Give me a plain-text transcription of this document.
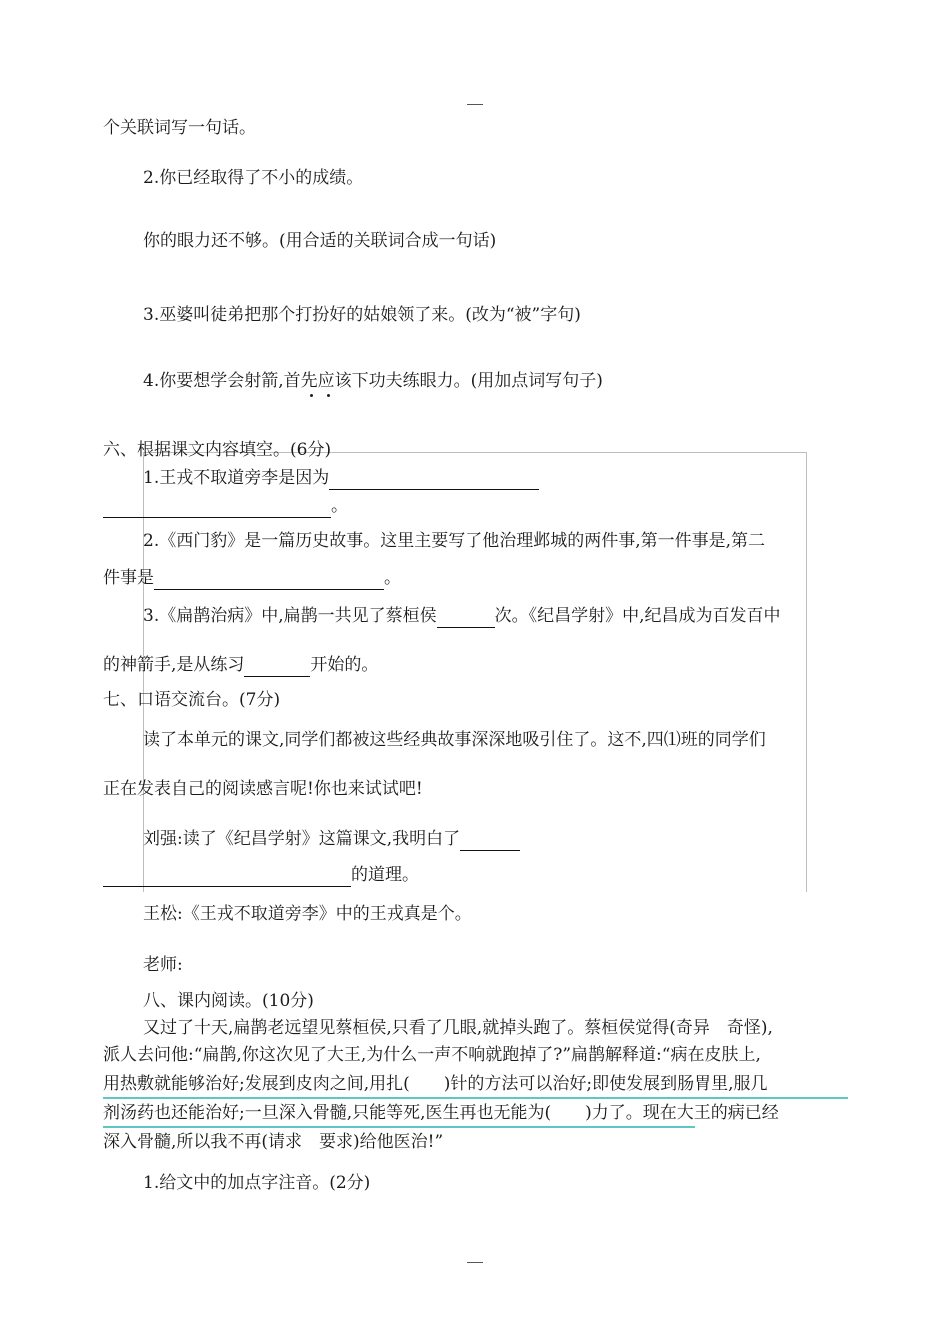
个关联词写一句话。
2.你已经取得了不小的成绩。
你的眼力还不够。(用合适的关联词合成一句话)
3.巫婆叫徒弟把那个打扮好的姑娘领了来。(改为“被”字句)
4.你要想学会射箭,首先应该下功夫练眼力。(用加点词写句子)
六、根据课文内容填空。(6分)
1.王戎不取道旁李是因为
。
2.《西门豹》是一篇历史故事。这里主要写了他治理邺城的两件事,第一件事是,第二
件事是	。
3.《扁鹊治病》中,扁鹊一共见了蔡桓侯	次。《纪昌学射》中,纪昌成为百发百中
的神箭手,是从练习	开始的。
七、口语交流台。(7分)
读了本单元的课文,同学们都被这些经典故事深深地吸引住了。这不,四⑴班的同学们
正在发表自己的阅读感言呢!你也来试试吧!
刘强:读了《纪昌学射》这篇课文,我明白了
的道理。
王松:《王戎不取道旁李》中的王戎真是个。
老师:
八、课内阅读。(10分)
又过了十天,扁鹊老远望见蔡桓侯,只看了几眼,就掉头跑了。蔡桓侯觉得(奇异　奇怪),
派人去问他:“扁鹊,你这次见了大王,为什么一声不响就跑掉了?”扁鹊解释道:“病在皮肤上,
用热敷就能够治好;发展到皮肉之间,用扎(　　)针的方法可以治好;即使发展到肠胃里,服几
剂汤药也还能治好;一旦深入骨髓,只能等死,医生再也无能为(　　)力了。现在大王的病已经
深入骨髓,所以我不再(请求　要求)给他医治!”
1.给文中的加点字注音。(2分)
